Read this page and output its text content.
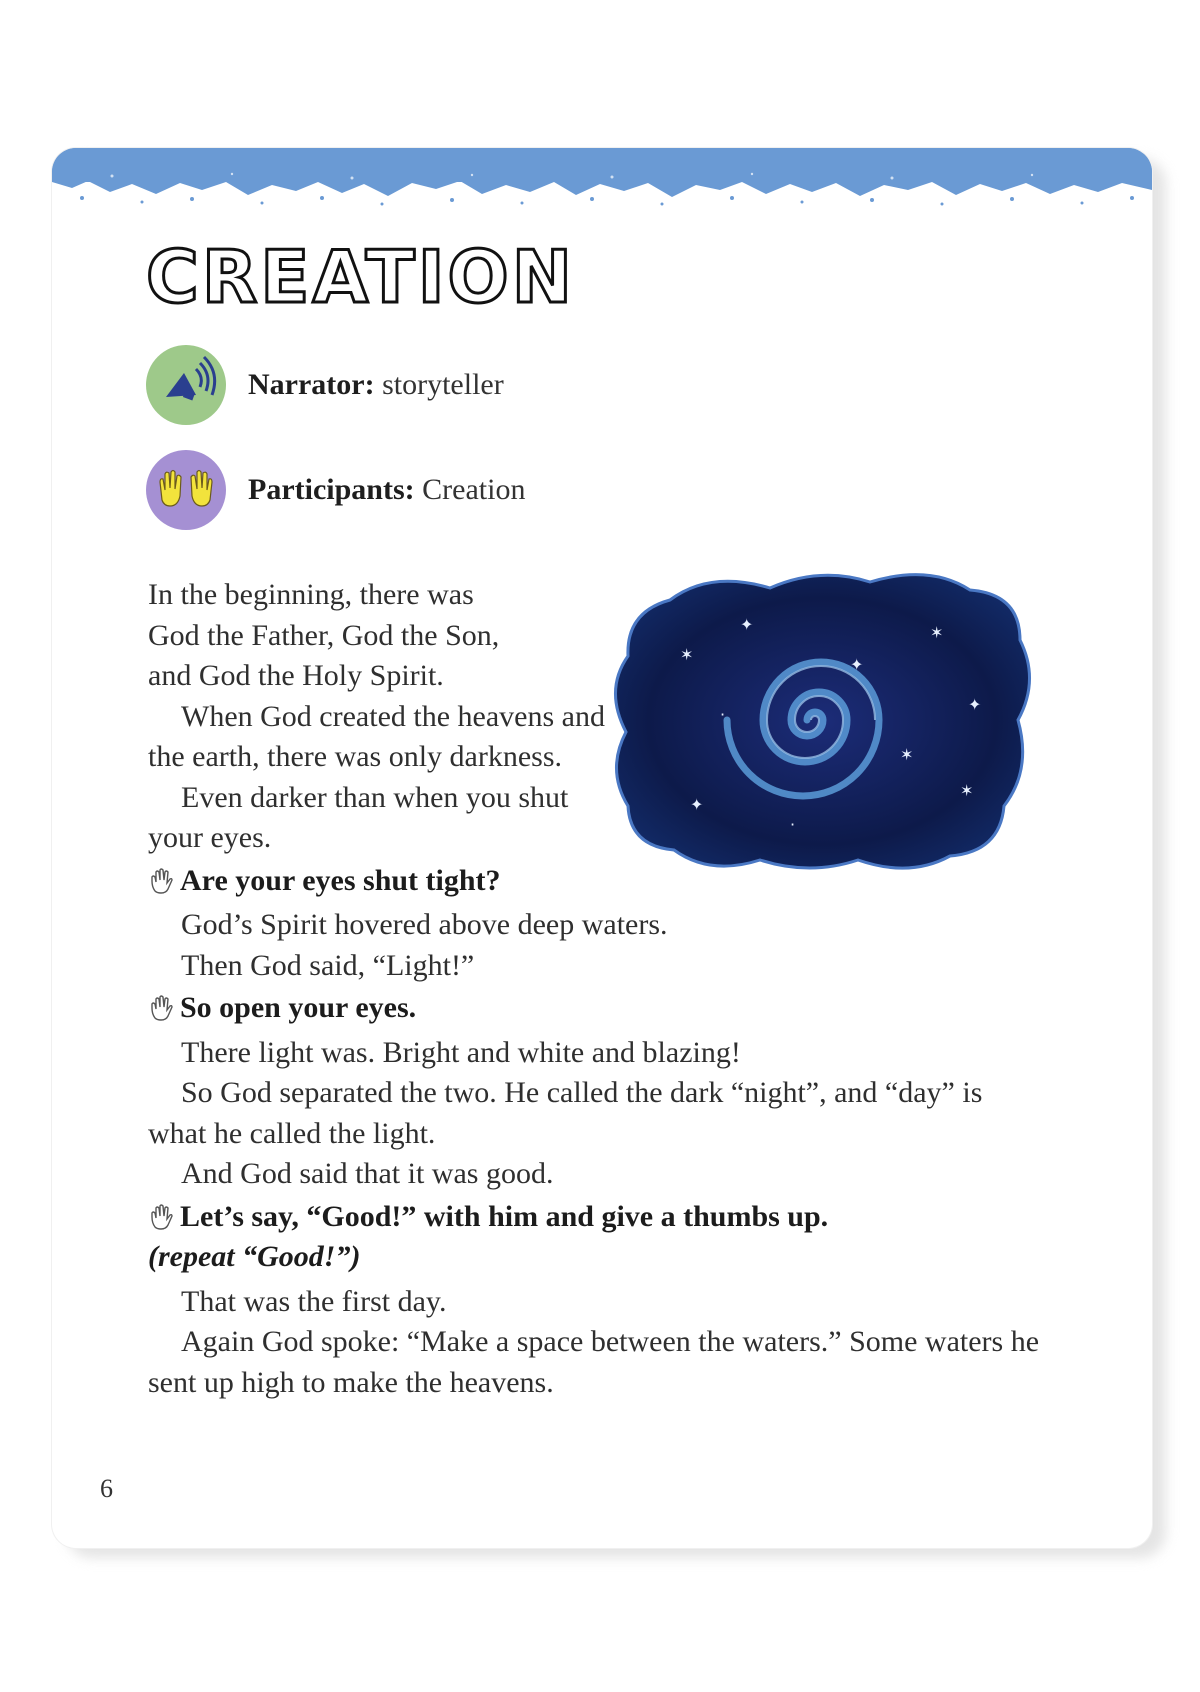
CREATION
Narrator: storyteller
Participants: Creation
✶
✦	✶
✦
✶
✦
✦
·
✶
·

In the beginning, there was
God the Father, God the Son,
and God the Holy Spirit.

When God created the heavens and the earth, there was only darkness.

Even darker than when you shut your eyes.

Are your eyes shut tight?

God’s Spirit hovered above deep waters.

Then God said, “Light!”

So open your eyes.

There light was. Bright and white and blazing!

So God separated the two. He called the dark “night”, and “day” is what he called the light.

And God said that it was good.

Let’s say, “Good!” with him and give a thumbs up.

(repeat “Good!”)

That was the first day.

Again God spoke: “Make a space between the waters.” Some waters he sent up high to make the heavens.

6
